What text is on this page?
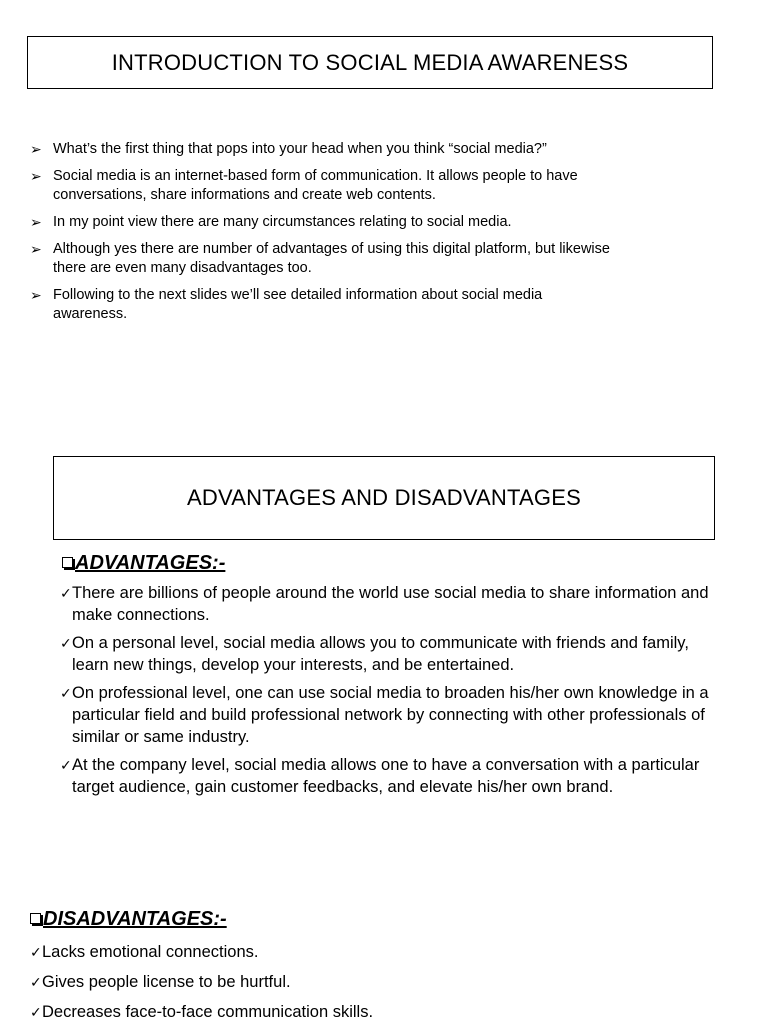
INTRODUCTION TO SOCIAL MEDIA AWARENESS
➢ What’s the first thing that pops into your head when you think “social media?”
➢ Social media is an internet-based form of communication. It allows people to have conversations, share informations and create web contents.
➢ In my point view there are many circumstances relating to social media.
➢ Although yes there are number of advantages of using this digital platform, but likewise there are even many disadvantages too.
➢ Following to the next slides we’ll see detailed information about social media awareness.
ADVANTAGES AND DISADVANTAGES
ADVANTAGES:-
✓ There are billions of people around the world use social media to share information and make connections.
✓ On a personal level, social media allows you to communicate with friends and family, learn new things, develop your interests, and be entertained.
✓ On professional level, one can use social media to broaden his/her own knowledge in a particular field and build professional network by connecting with other professionals of similar or same industry.
✓ At the company level, social media allows one to have a conversation with a particular target audience, gain customer feedbacks, and elevate his/her own brand.
DISADVANTAGES:-
✓ Lacks emotional connections.
✓ Gives people license to be hurtful.
✓ Decreases face-to-face communication skills.
